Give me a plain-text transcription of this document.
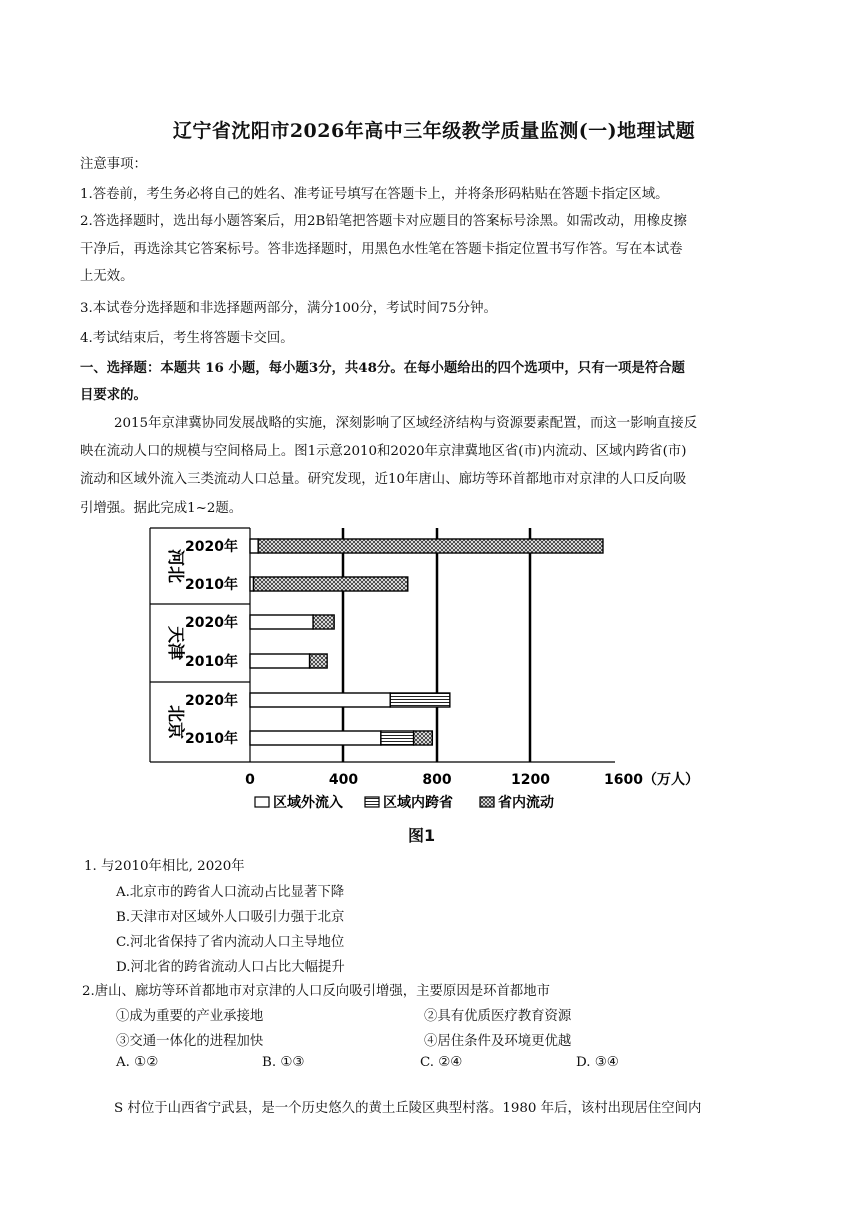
辽宁省沈阳市2026年高中三年级教学质量监测(一)地理试题
注意事项：
1.答卷前，考生务必将自己的姓名、准考证号填写在答题卡上，并将条形码粘贴在答题卡指定区域。
2.答选择题时，选出每小题答案后，用2B铅笔把答题卡对应题目的答案标号涂黑。如需改动，用橡皮擦
干净后，再选涂其它答案标号。答非选择题时，用黑色水性笔在答题卡指定位置书写作答。写在本试卷
上无效。
3.本试卷分选择题和非选择题两部分，满分100分，考试时间75分钟。
4.考试结束后，考生将答题卡交回。
一、选择题：本题共 16 小题，每小题3分，共48分。在每小题给出的四个选项中，只有一项是符合题
目要求的。
2015年京津冀协同发展战略的实施，深刻影响了区域经济结构与资源要素配置，而这一影响直接反
映在流动人口的规模与空间格局上。图1示意2010和2020年京津冀地区省(市)内流动、区域内跨省(市)
流动和区域外流入三类流动人口总量。研究发现，近10年唐山、廊坊等环首都地市对京津的人口反向吸
引增强。据此完成1~2题。
河北
天津
北京
2020年
2010年
2020年
2010年
2020年
2010年
0	400	800	1200	1600（万人）
区域外流入	区域内跨省	省内流动
图1
1. 与2010年相比, 2020年
A.北京市的跨省人口流动占比显著下降
B.天津市对区域外人口吸引力强于北京
C.河北省保持了省内流动人口主导地位
D.河北省的跨省流动人口占比大幅提升
2.唐山、廊坊等环首都地市对京津的人口反向吸引增强，主要原因是环首都地市
①成为重要的产业承接地	②具有优质医疗教育资源
③交通一体化的进程加快	④居住条件及环境更优越
A. ①②	B. ①③	C. ②④	D. ③④
S 村位于山西省宁武县，是一个历史悠久的黄土丘陵区典型村落。1980 年后，该村出现居住空间内
